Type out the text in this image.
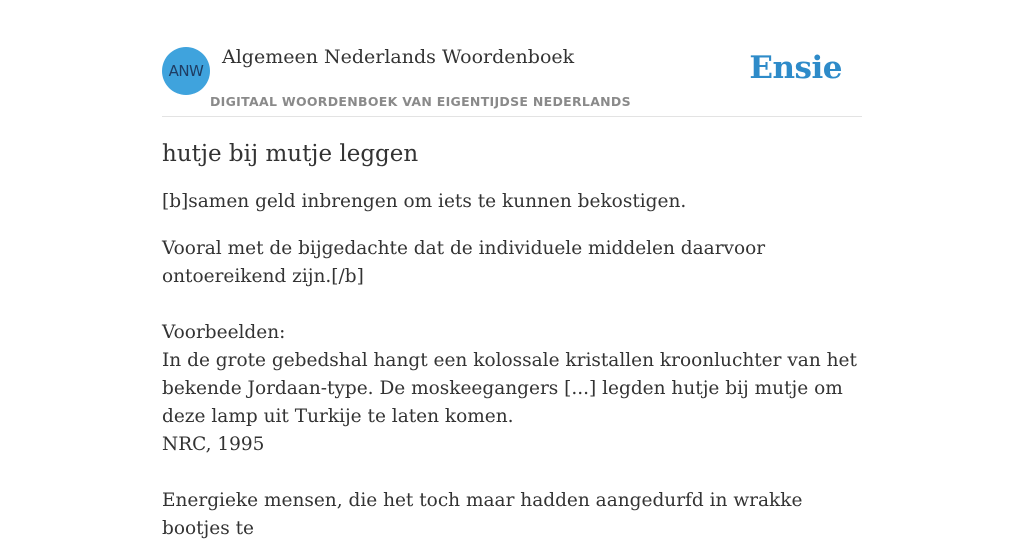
ANW
Algemeen Nederlands Woordenboek
DIGITAAL WOORDENBOEK VAN EIGENTIJDSE NEDERLANDS
Ensie
hutje bij mutje leggen

[b]samen geld inbrengen om iets te kunnen bekostigen.

Vooral met de bijgedachte dat de individuele middelen daarvoor ontoereikend zijn.[/b]

Voorbeelden:
In de grote gebedshal hangt een kolossale kristallen kroonluchter van het bekende Jordaan-type. De moskeegangers [...] legden hutje bij mutje om deze lamp uit Turkije te laten komen.
NRC, 1995

Energieke mensen, die het toch maar hadden aangedurfd in wrakke bootjes te
